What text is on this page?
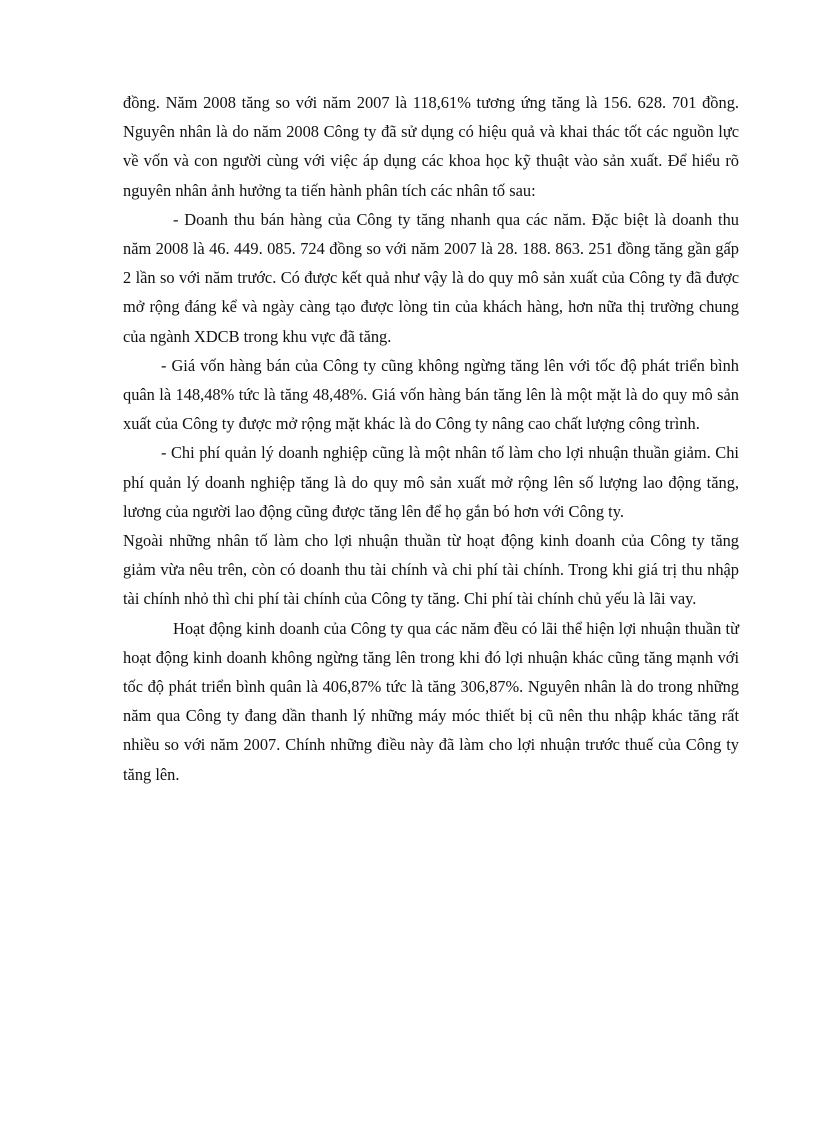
đồng. Năm 2008 tăng so với năm 2007 là 118,61% tương ứng tăng là 156. 628. 701 đồng. Nguyên nhân là do năm 2008 Công ty đã sử dụng có hiệu quả và khai thác tốt các nguồn lực về vốn và con người cùng với việc áp dụng các khoa học kỹ thuật vào sản xuất. Để hiểu rõ nguyên nhân ảnh hưởng ta tiến hành phân tích các nhân tố sau:

- Doanh thu bán hàng của Công ty tăng nhanh qua các năm. Đặc biệt là doanh thu năm 2008 là 46. 449. 085. 724 đồng so với năm 2007 là 28. 188. 863. 251 đồng tăng gần gấp 2 lần so với năm trước. Có được kết quả như vậy là do quy mô sản xuất của Công ty đã được mở rộng đáng kể và ngày càng tạo được lòng tin của khách hàng, hơn nữa thị trường chung của ngành XDCB trong khu vực đã tăng.

- Giá vốn hàng bán của Công ty cũng không ngừng tăng lên với tốc độ phát triển bình quân là 148,48% tức là tăng 48,48%. Giá vốn hàng bán tăng lên là một mặt là do quy mô sản xuất của Công ty được mở rộng mặt khác là do Công ty nâng cao chất lượng công trình.

- Chi phí quản lý doanh nghiệp cũng là một nhân tố làm cho lợi nhuận thuần giảm. Chi phí quản lý doanh nghiệp tăng là do quy mô sản xuất mở rộng lên số lượng lao động tăng, lương của người lao động cũng được tăng lên để họ gắn bó hơn với Công ty.

Ngoài những nhân tố làm cho lợi nhuận thuần từ hoạt động kinh doanh của Công ty tăng giảm vừa nêu trên, còn có doanh thu tài chính và chi phí tài chính. Trong khi giá trị thu nhập tài chính nhỏ thì chi phí tài chính của Công ty tăng. Chi phí tài chính chủ yếu là lãi vay.

Hoạt động kinh doanh của Công ty qua các năm đều có lãi thể hiện lợi nhuận thuần từ hoạt động kinh doanh không ngừng tăng lên trong khi đó lợi nhuận khác cũng tăng mạnh với tốc độ phát triển bình quân là 406,87% tức là tăng 306,87%. Nguyên nhân là do trong những năm qua Công ty đang dần thanh lý những máy móc thiết bị cũ nên thu nhập khác tăng rất nhiều so với năm 2007. Chính những điều này đã làm cho lợi nhuận trước thuế của Công ty tăng lên.
